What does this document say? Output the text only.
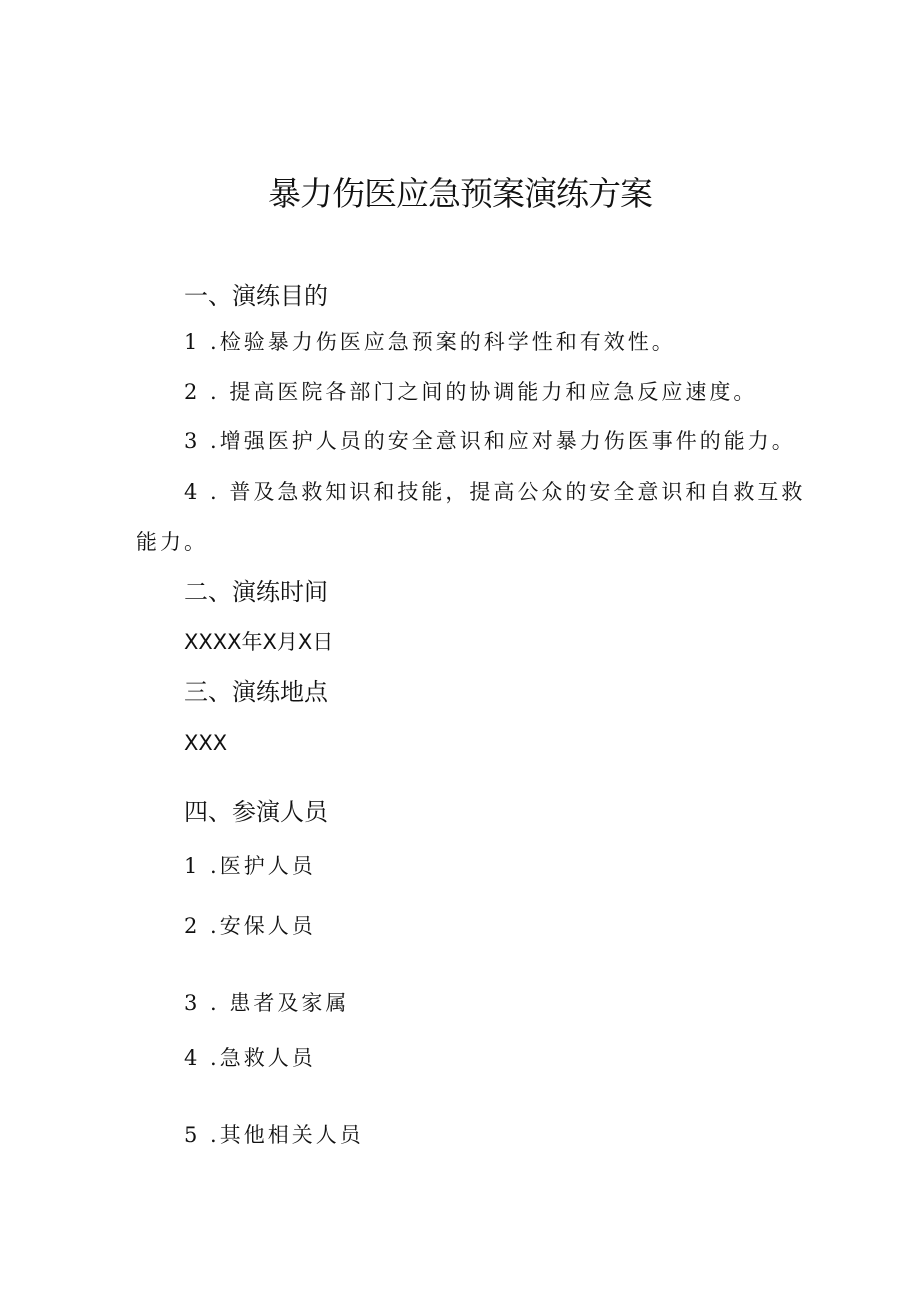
暴力伤医应急预案演练方案
一、演练目的
1 .检验暴力伤医应急预案的科学性和有效性。
2 . 提高医院各部门之间的协调能力和应急反应速度。
3 .增强医护人员的安全意识和应对暴力伤医事件的能力。
4 . 普及急救知识和技能，提高公众的安全意识和自救互救
能力。
二、演练时间
XXXX年X月X日
三、演练地点
XXX
四、参演人员
1 .医护人员
2 .安保人员
3 . 患者及家属
4 .急救人员
5 .其他相关人员
